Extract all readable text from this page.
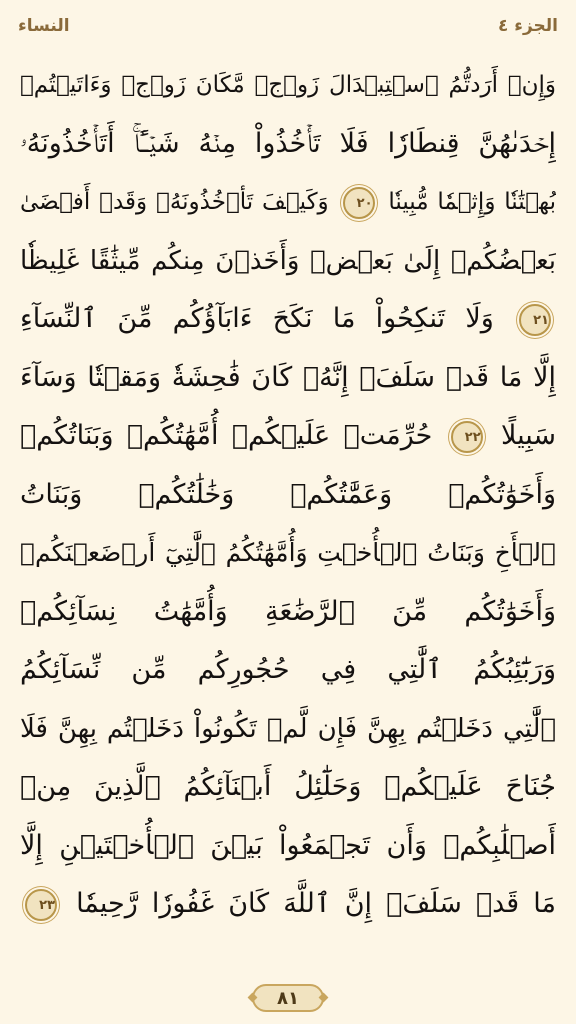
الجزء ٤
النساء
وَإِنۡ أَرَدتُّمُ ٱسۡتِبۡدَالَ زَوۡجٖ مَّكَانَ زَوۡجٖ وَءَاتَيۡتُمۡ
إِحۡدَىٰهُنَّ قِنطَارٗا فَلَا تَأۡخُذُواْ مِنۡهُ شَيۡـًٔاۚ أَتَأۡخُذُونَهُۥ
بُهۡتَٰنٗا وَإِثۡمٗا مُّبِينٗا ٢٠ وَكَيۡفَ تَأۡخُذُونَهُۥ وَقَدۡ أَفۡضَىٰ
بَعۡضُكُمۡ إِلَىٰ بَعۡضٖ وَأَخَذۡنَ مِنكُم مِّيثَٰقًا غَلِيظٗا
٢١ وَلَا تَنكِحُواْ مَا نَكَحَ ءَابَآؤُكُم مِّنَ ٱلنِّسَآءِ
إِلَّا مَا قَدۡ سَلَفَۚ إِنَّهُۥ كَانَ فَٰحِشَةٗ وَمَقۡتٗا وَسَآءَ
سَبِيلًا ٢٢ حُرِّمَتۡ عَلَيۡكُمۡ أُمَّهَٰتُكُمۡ وَبَنَاتُكُمۡ
وَأَخَوَٰتُكُمۡ وَعَمَّٰتُكُمۡ وَخَٰلَٰتُكُمۡ وَبَنَاتُ
ٱلۡأَخِ وَبَنَاتُ ٱلۡأُخۡتِ وَأُمَّهَٰتُكُمُ ٱلَّٰتِيٓ أَرۡضَعۡنَكُمۡ
وَأَخَوَٰتُكُم مِّنَ ٱلرَّضَٰعَةِ وَأُمَّهَٰتُ نِسَآئِكُمۡ
وَرَبَٰٓئِبُكُمُ ٱلَّٰتِي فِي حُجُورِكُم مِّن نِّسَآئِكُمُ
ٱلَّٰتِي دَخَلۡتُم بِهِنَّ فَإِن لَّمۡ تَكُونُواْ دَخَلۡتُم بِهِنَّ فَلَا
جُنَاحَ عَلَيۡكُمۡ وَحَلَٰٓئِلُ أَبۡنَآئِكُمُ ٱلَّذِينَ مِنۡ
أَصۡلَٰبِكُمۡ وَأَن تَجۡمَعُواْ بَيۡنَ ٱلۡأُخۡتَيۡنِ إِلَّا
مَا قَدۡ سَلَفَۗ إِنَّ ٱللَّهَ كَانَ غَفُورٗا رَّحِيمٗا ٢٣
٨١
